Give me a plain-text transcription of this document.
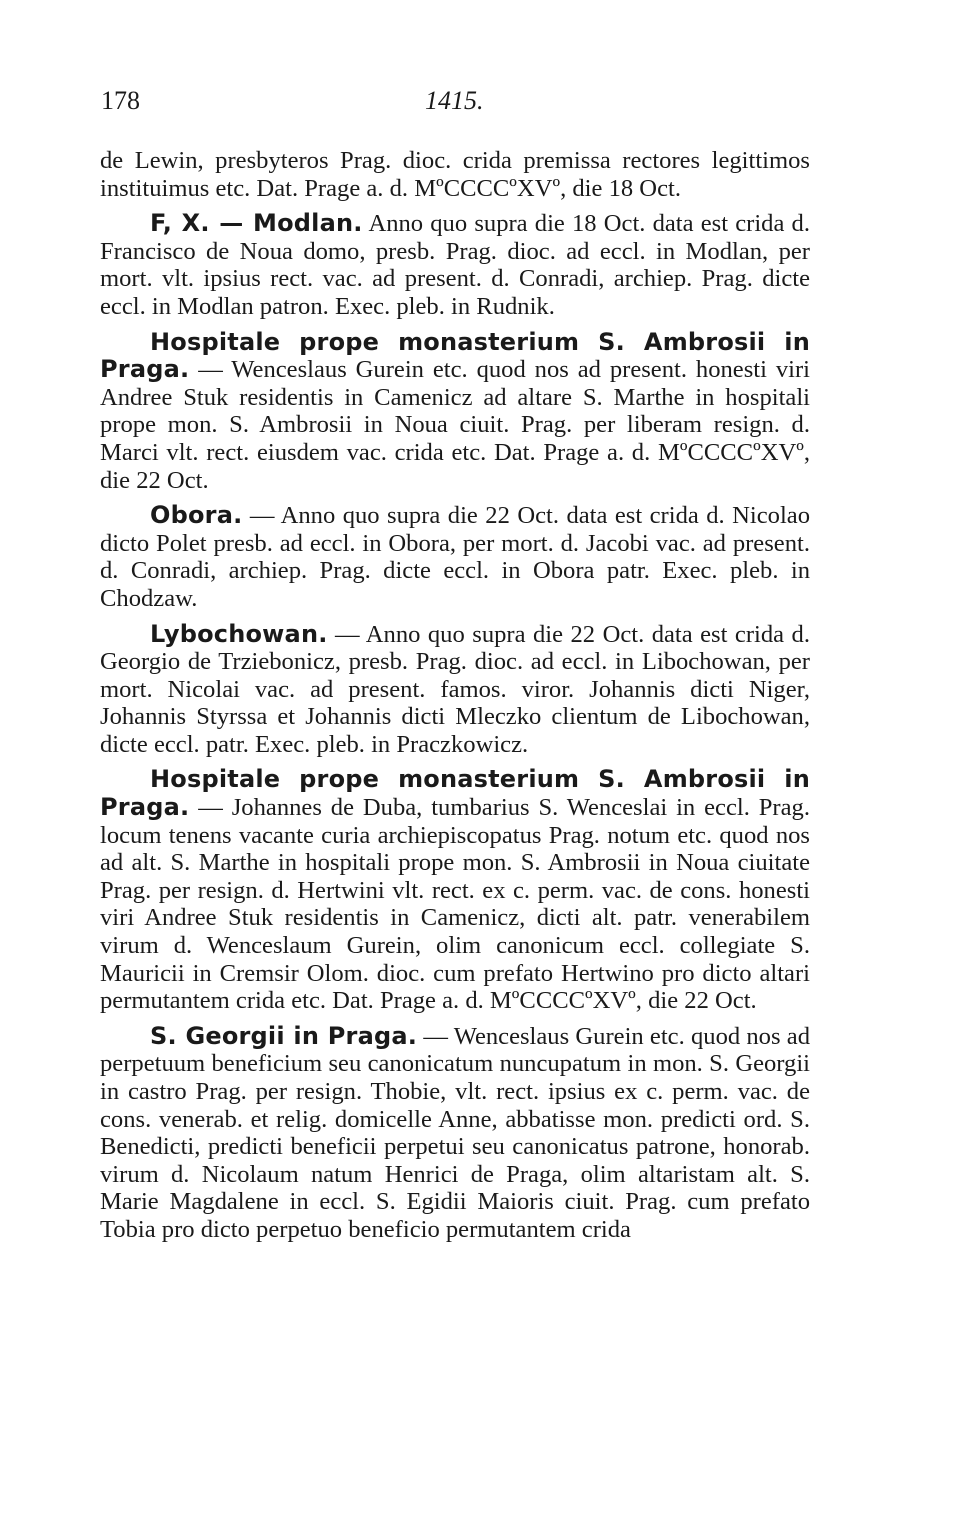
178	1415.

de Lewin, presbyteros Prag. dioc. crida premissa rectores legittimos instituimus etc. Dat. Prage a. d. MºCCCCºXVº, die 18 Oct.

F, X. — Modlan. Anno quo supra die 18 Oct. data est crida d. Francisco de Noua domo, presb. Prag. dioc. ad eccl. in Modlan, per mort. vlt. ipsius rect. vac. ad present. d. Conradi, archiep. Prag. dicte eccl. in Modlan patron. Exec. pleb. in Rudnik.

Hospitale prope monasterium S. Ambrosii in Praga. — Wenceslaus Gurein etc. quod nos ad present. honesti viri Andree Stuk residentis in Camenicz ad altare S. Marthe in hospitali prope mon. S. Ambrosii in Noua ciuit. Prag. per liberam resign. d. Marci vlt. rect. eiusdem vac. crida etc. Dat. Prage a. d. MºCCCCºXVº, die 22 Oct.

Obora. — Anno quo supra die 22 Oct. data est crida d. Nicolao dicto Polet presb. ad eccl. in Obora, per mort. d. Jacobi vac. ad present. d. Conradi, archiep. Prag. dicte eccl. in Obora patr. Exec. pleb. in Chodzaw.

Lybochowan. — Anno quo supra die 22 Oct. data est crida d. Georgio de Trziebonicz, presb. Prag. dioc. ad eccl. in Libochowan, per mort. Nicolai vac. ad present. famos. viror. Johannis dicti Niger, Johannis Styrssa et Johannis dicti Mleczko clientum de Libochowan, dicte eccl. patr. Exec. pleb. in Praczkowicz.

Hospitale prope monasterium S. Ambrosii in Praga. — Johannes de Duba, tumbarius S. Wenceslai in eccl. Prag. locum tenens vacante curia archiepiscopatus Prag. notum etc. quod nos ad alt. S. Marthe in hospitali prope mon. S. Ambrosii in Noua ciuitate Prag. per resign. d. Hertwini vlt. rect. ex c. perm. vac. de cons. honesti viri Andree Stuk residentis in Camenicz, dicti alt. patr. venerabilem virum d. Wenceslaum Gurein, olim canonicum eccl. collegiate S. Mauricii in Cremsir Olom. dioc. cum prefato Hertwino pro dicto altari permutantem crida etc. Dat. Prage a. d. MºCCCCºXVº, die 22 Oct.

S. Georgii in Praga. — Wenceslaus Gurein etc. quod nos ad perpetuum beneficium seu canonicatum nuncupatum in mon. S. Georgii in castro Prag. per resign. Thobie, vlt. rect. ipsius ex c. perm. vac. de cons. venerab. et relig. domicelle Anne, abbatisse mon. predicti ord. S. Benedicti, predicti beneficii perpetui seu canonicatus patrone, honorab. virum d. Nicolaum natum Henrici de Praga, olim altaristam alt. S. Marie Magdalene in eccl. S. Egidii Maioris ciuit. Prag. cum prefato Tobia pro dicto perpetuo beneficio permutantem crida
